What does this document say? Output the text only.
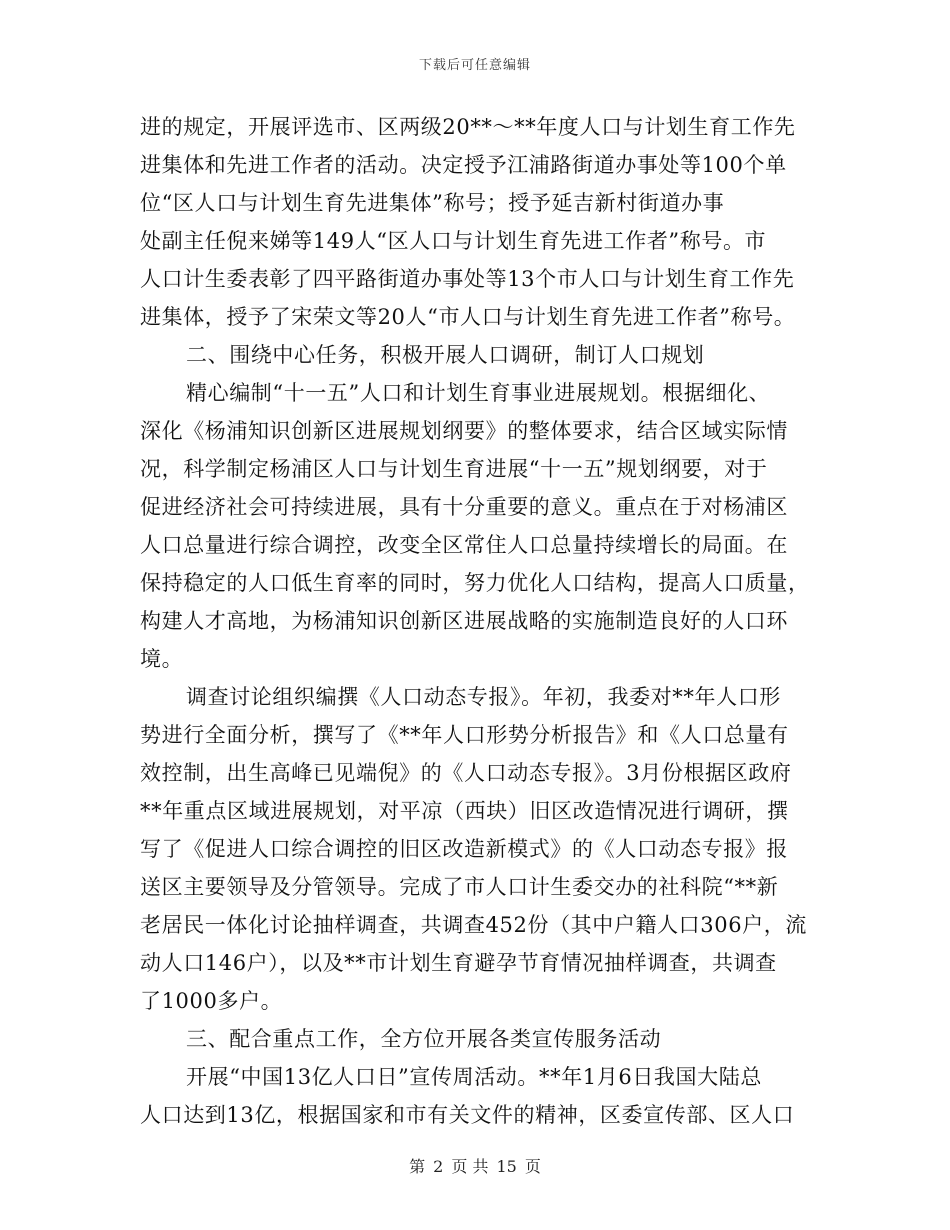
下载后可任意编辑
进的规定，开展评选市、区两级20**～**年度人口与计划生育工作先
进集体和先进工作者的活动。决定授予江浦路街道办事处等100个单
位“区人口与计划生育先进集体”称号；授予延吉新村街道办事
处副主任倪来娣等149人“区人口与计划生育先进工作者”称号。市
人口计生委表彰了四平路街道办事处等13个市人口与计划生育工作先
进集体，授予了宋荣文等20人“市人口与计划生育先进工作者”称号。
二、围绕中心任务，积极开展人口调研，制订人口规划
精心编制“十一五”人口和计划生育事业进展规划。根据细化、
深化《杨浦知识创新区进展规划纲要》的整体要求，结合区域实际情
况，科学制定杨浦区人口与计划生育进展“十一五”规划纲要，对于
促进经济社会可持续进展，具有十分重要的意义。重点在于对杨浦区
人口总量进行综合调控，改变全区常住人口总量持续增长的局面。在
保持稳定的人口低生育率的同时，努力优化人口结构，提高人口质量，
构建人才高地，为杨浦知识创新区进展战略的实施制造良好的人口环
境。
调查讨论组织编撰《人口动态专报》。年初，我委对**年人口形
势进行全面分析，撰写了《**年人口形势分析报告》和《人口总量有
效控制，出生高峰已见端倪》的《人口动态专报》。3月份根据区政府
**年重点区域进展规划，对平凉（西块）旧区改造情况进行调研，撰
写了《促进人口综合调控的旧区改造新模式》的《人口动态专报》报
送区主要领导及分管领导。完成了市人口计生委交办的社科院“**新
老居民一体化讨论抽样调查，共调查452份（其中户籍人口306户，流
动人口146户），以及**市计划生育避孕节育情况抽样调查，共调查
了1000多户。
三、配合重点工作，全方位开展各类宣传服务活动
开展“中国13亿人口日”宣传周活动。**年1月6日我国大陆总
人口达到13亿，根据国家和市有关文件的精神，区委宣传部、区人口
第 2 页 共 15 页
